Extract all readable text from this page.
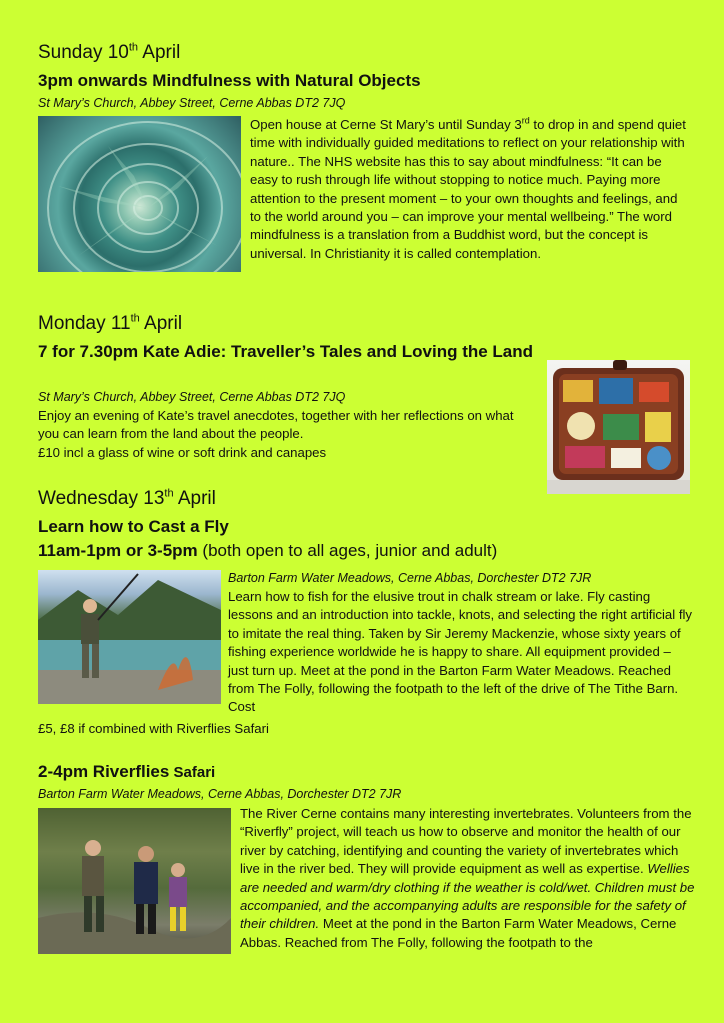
Sunday 10th April
3pm onwards Mindfulness with Natural Objects
St Mary’s Church, Abbey Street, Cerne Abbas DT2 7JQ
Open house at Cerne St Mary’s until Sunday 3rd to drop in and spend quiet time with individually guided meditations to reflect on your relationship with nature.. The NHS website has this to say about mindfulness: “It can be easy to rush through life without stopping to notice much. Paying more attention to the present moment – to your own thoughts and feelings, and to the world around you – can improve your mental wellbeing.” The word mindfulness is a translation from a Buddhist word, but the concept is universal. In Christianity it is called contemplation.
Monday 11th April
7 for 7.30pm Kate Adie: Traveller’s Tales and Loving the Land
St Mary’s Church, Abbey Street, Cerne Abbas DT2 7JQ
Enjoy an evening of Kate’s travel anecdotes, together with her reflections on what you can learn from the land about the people.
£10 incl a glass of wine or soft drink and canapes
Wednesday 13th April
Learn how to Cast a Fly
11am-1pm or 3-5pm (both open to all ages, junior and adult)
Barton Farm Water Meadows, Cerne Abbas, Dorchester DT2 7JR
Learn how to fish for the elusive trout in chalk stream or lake. Fly casting lessons and an introduction into tackle, knots, and selecting the right artificial fly to imitate the real thing. Taken by Sir Jeremy Mackenzie, whose sixty years of fishing experience worldwide he is happy to share. All equipment provided – just turn up. Meet at the pond in the Barton Farm Water Meadows. Reached from The Folly, following the footpath to the left of the drive of The Tithe Barn. Cost
£5, £8 if combined with Riverflies Safari
2-4pm Riverflies Safari
Barton Farm Water Meadows, Cerne Abbas, Dorchester DT2 7JR
The River Cerne contains many interesting invertebrates. Volunteers from the “Riverfly” project, will teach us how to observe and monitor the health of our river by catching, identifying and counting the variety of invertebrates which live in the river bed. They will provide equipment as well as expertise. Wellies are needed and warm/dry clothing if the weather is cold/wet. Children must be accompanied, and the accompanying adults are responsible for the safety of their children. Meet at the pond in the Barton Farm Water Meadows, Cerne Abbas. Reached from The Folly, following the footpath to the
